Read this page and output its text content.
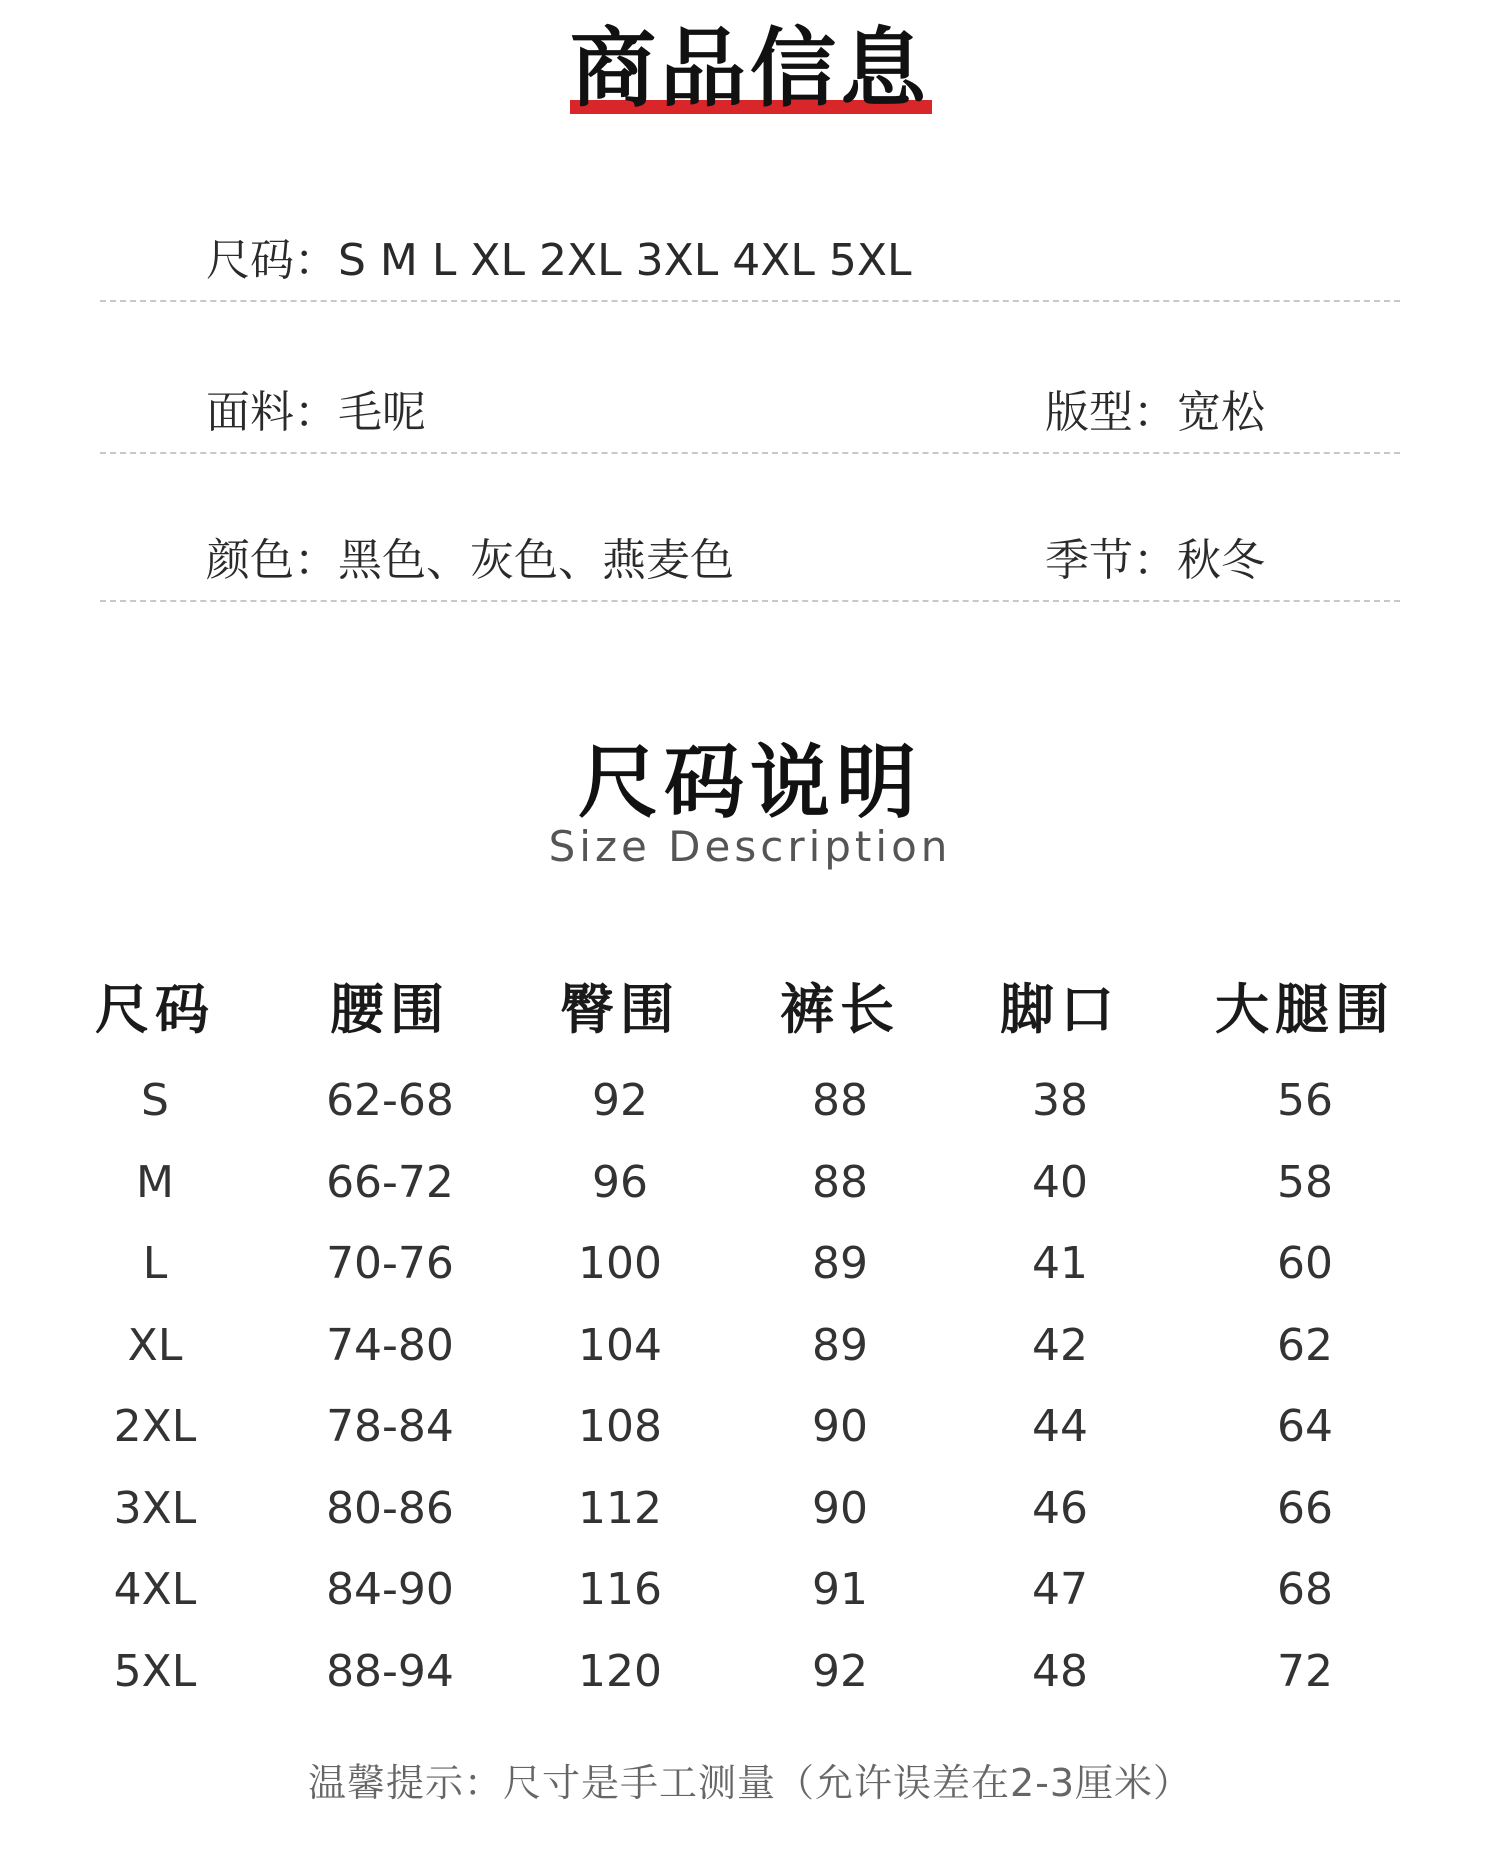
商品信息
尺码：S M L XL 2XL 3XL 4XL 5XL
面料：毛呢	版型：宽松
颜色：黑色、灰色、燕麦色	季节：秋冬
尺码说明
Size Description
尺码	腰围	臀围	裤长	脚口	大腿围
S	62-68	92	88	38	56
M	66-72	96	88	40	58
L	70-76	100	89	41	60
XL	74-80	104	89	42	62
2XL	78-84	108	90	44	64
3XL	80-86	112	90	46	66
4XL	84-90	116	91	47	68
5XL	88-94	120	92	48	72
温馨提示：尺寸是手工测量（允许误差在2-3厘米）
